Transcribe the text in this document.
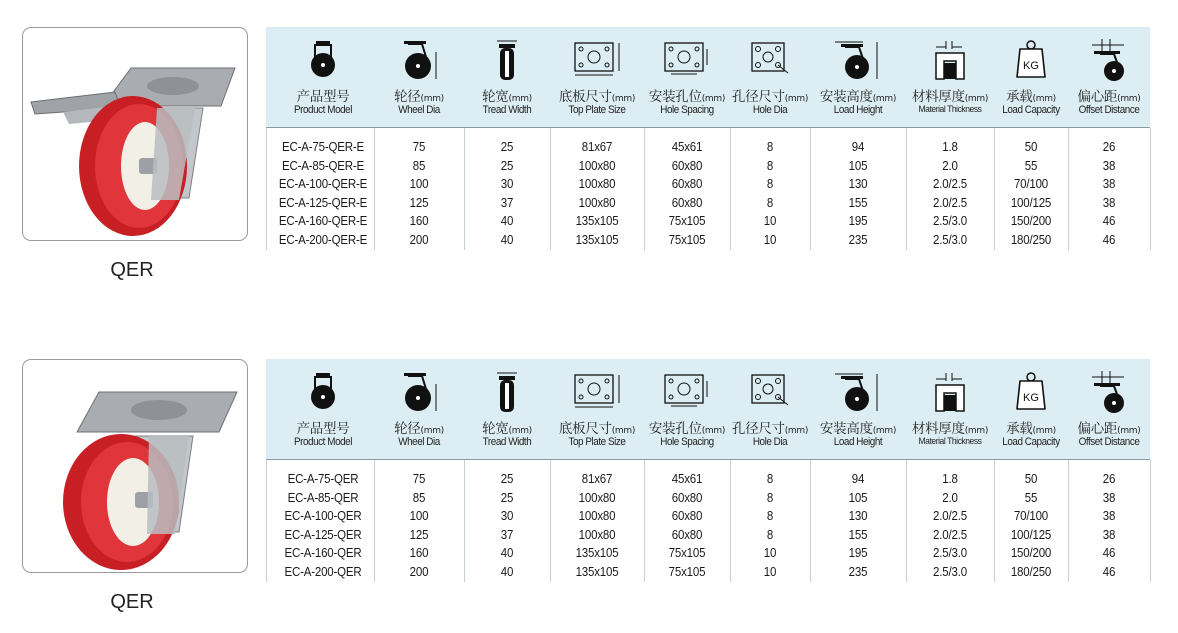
QER
产品型号
Product Model
轮径(mm)
Wheel Dia
轮宽(mm)
Tread Width
底板尺寸(mm)
Top Plate Size
安装孔位(mm)
Hole Spacing
孔径尺寸(mm)
Hole Dia
安装高度(mm)
Load Height
材料厚度(mm)
Material Thickness
KG
承载(mm)
Load Capacity
偏心距(mm)
Offset Distance
EC-A-75-QER-E
EC-A-85-QER-E
EC-A-100-QER-E
EC-A-125-QER-E
EC-A-160-QER-E
EC-A-200-QER-E
75
85
100
125
160
200
25
25
30
37
40
40
81x67
100x80
100x80
100x80
135x105
135x105
45x61
60x80
60x80
60x80
75x105
75x105
8
8
8
8
10
10
94
105
130
155
195
235
1.8
2.0
2.0/2.5
2.0/2.5
2.5/3.0
2.5/3.0
50
55
70/100
100/125
150/200
180/250
26
38
38
38
46
46
QER
产品型号
Product Model
轮径(mm)
Wheel Dia
轮宽(mm)
Tread Width
底板尺寸(mm)
Top Plate Size
安装孔位(mm)
Hole Spacing
孔径尺寸(mm)
Hole Dia
安装高度(mm)
Load Height
材料厚度(mm)
Material Thickness
KG
承载(mm)
Load Capacity
偏心距(mm)
Offset Distance
EC-A-75-QER
EC-A-85-QER
EC-A-100-QER
EC-A-125-QER
EC-A-160-QER
EC-A-200-QER
75
85
100
125
160
200
25
25
30
37
40
40
81x67
100x80
100x80
100x80
135x105
135x105
45x61
60x80
60x80
60x80
75x105
75x105
8
8
8
8
10
10
94
105
130
155
195
235
1.8
2.0
2.0/2.5
2.0/2.5
2.5/3.0
2.5/3.0
50
55
70/100
100/125
150/200
180/250
26
38
38
38
46
46
